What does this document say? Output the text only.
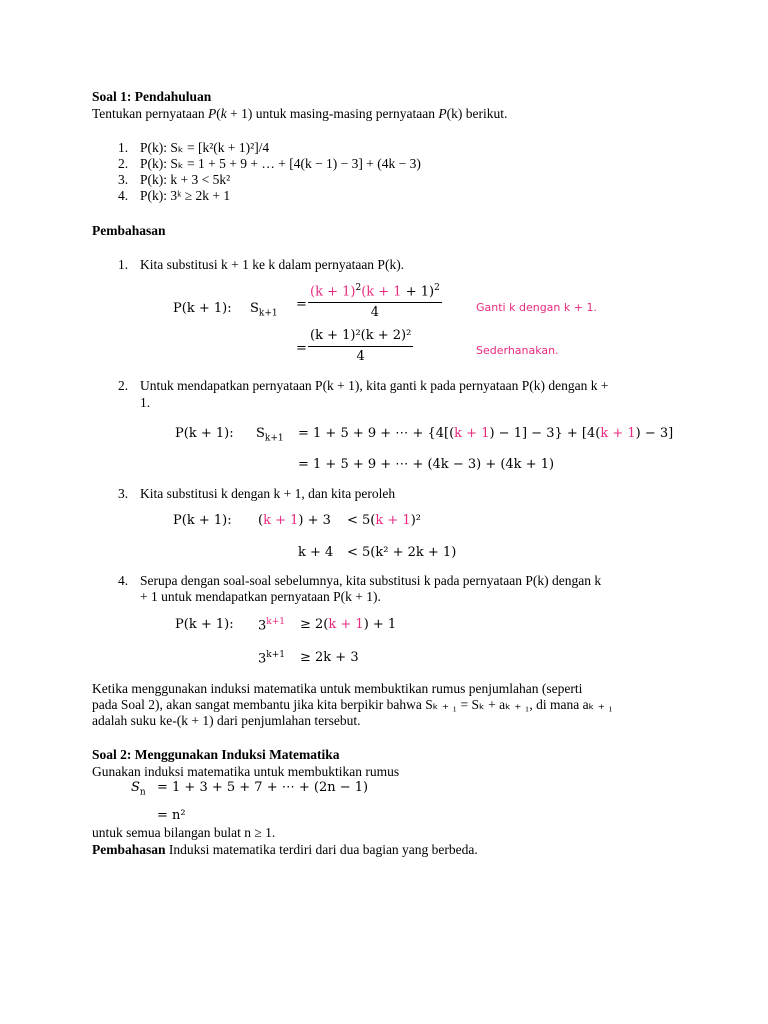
Soal 1: Pendahuluan
Tentukan pernyataan P(k + 1) untuk masing-masing pernyataan P(k) berikut.
1. P(k): Sₖ = [k²(k + 1)²]/4
2. P(k): Sₖ = 1 + 5 + 9 + … + [4(k − 1) − 3] + (4k − 3)
3. P(k): k + 3 < 5k²
4. P(k): 3ᵏ ≥ 2k + 1
Pembahasan
1. Kita substitusi k + 1 ke k dalam pernyataan P(k).
P(k + 1): $S_{k+1}$
=
$(k + 1)^2(k + 1 + 1)^2$
4	Ganti k dengan k + 1.
=
(k + 1)²(k + 2)²
4	Sederhanakan.
2. Untuk mendapatkan pernyataan P(k + 1), kita ganti k pada pernyataan P(k) dengan k +
1.
P(k + 1): $S_{k+1} = 1 + 5 + 9$ + ⋯ + {4[(k + 1) − 1] − 3} + [4(k + 1) − 3]
= 1 + 5 + 9 + ⋯ + (4k − 3) + (4k + 1)
3. Kita substitusi k dengan k + 1, dan kita peroleh
P(k + 1): (k + 1) + 3 < 5(k + 1)²
k + 4 < 5(k² + 2k + 1)
4. Serupa dengan soal-soal sebelumnya, kita substitusi k pada pernyataan P(k) dengan k
+ 1 untuk mendapatkan pernyataan P(k + 1).
P(k + 1): $3^{k+1} \ge 2(k + 1) + 1$
$3^{k+1} \ge 2k + 3$
Ketika menggunakan induksi matematika untuk membuktikan rumus penjumlahan (seperti
pada Soal 2), akan sangat membantu jika kita berpikir bahwa Sₖ ₊ ₁ = Sₖ + aₖ ₊ ₁, di mana aₖ ₊ ₁
adalah suku ke-(k + 1) dari penjumlahan tersebut.
Soal 2: Menggunakan Induksi Matematika
Gunakan induksi matematika untuk membuktikan rumus
$S_n = 1 + 3 + 5 + 7$ + ⋯ + (2n − 1)
= n²
untuk semua bilangan bulat n ≥ 1.
Pembahasan Induksi matematika terdiri dari dua bagian yang berbeda.
